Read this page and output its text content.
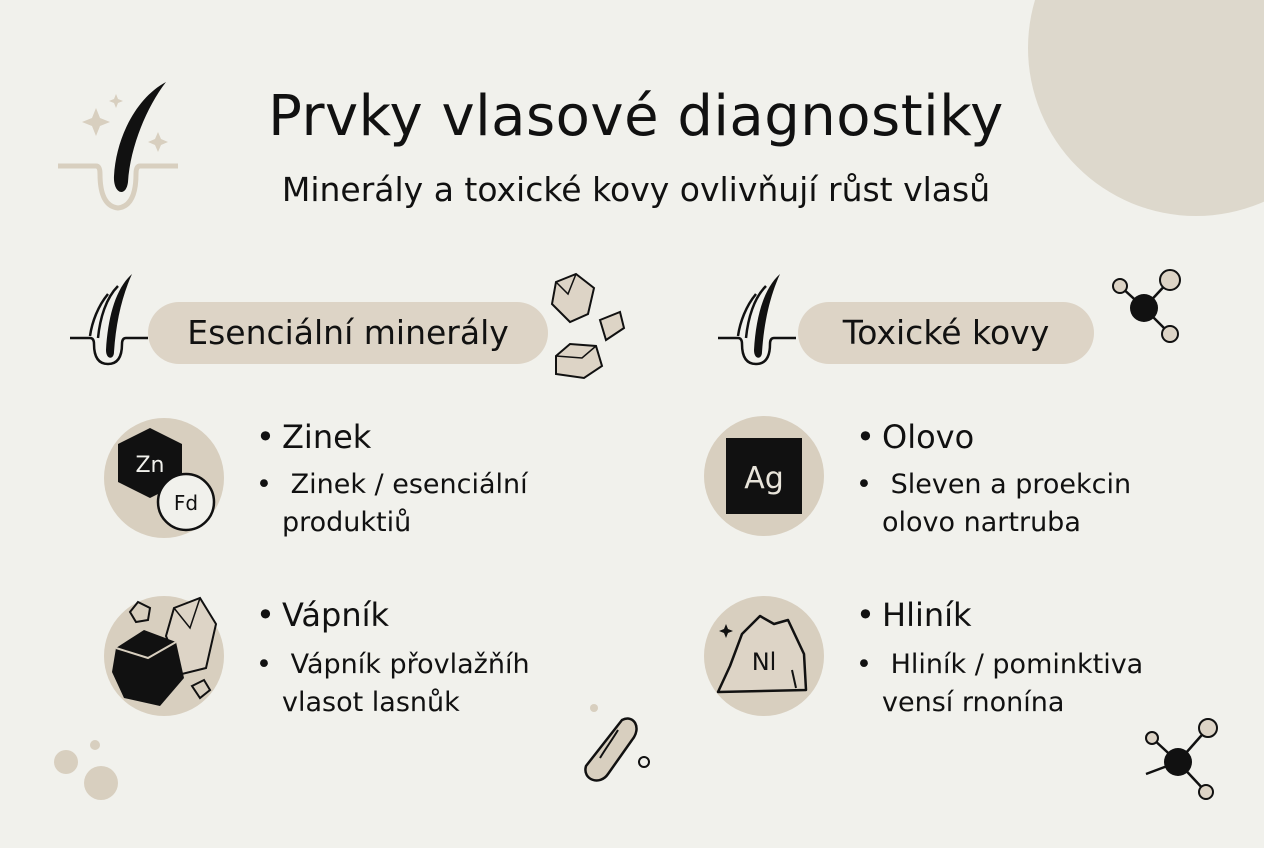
Prvky vlasové diagnostiky
Minerály a toxické kovy ovlivňují růst vlasů
Esenciální minerály	Toxické kovy
Zn
Fd
• Zinek
• Zinek / esenciální
produktiů
• Vápník
• Vápník přovlažňíh
vlasot lasnůk
Ag
• Olovo
• Sleven a proekcin
olovo nartruba
Nl
• Hliník
• Hliník / pominktiva
vensí rnonína
